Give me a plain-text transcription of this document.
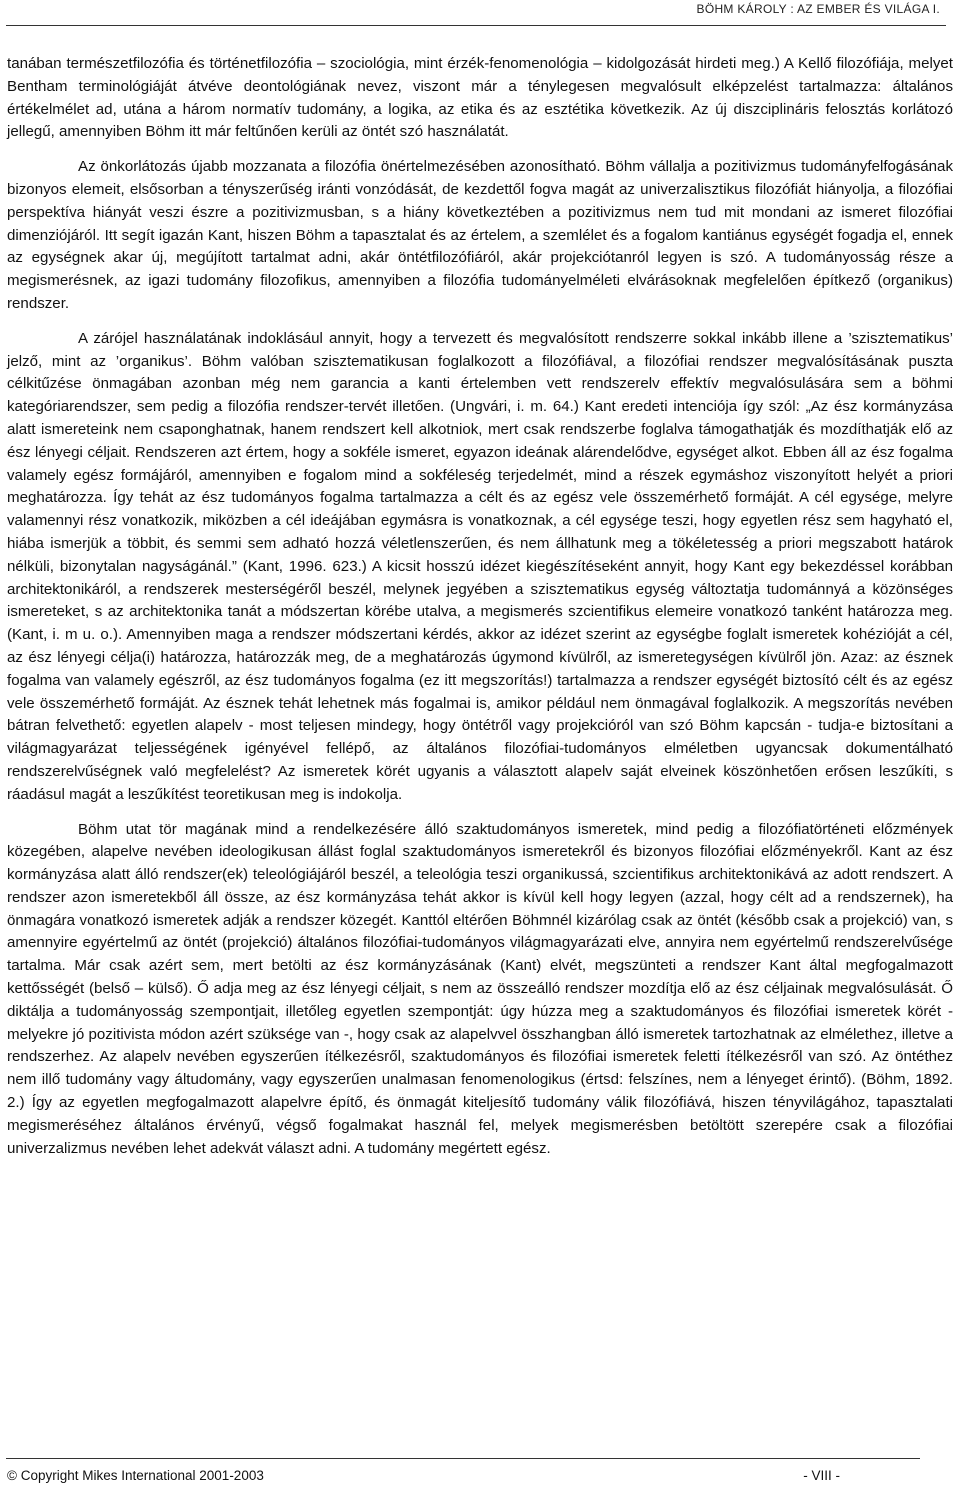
BÖHM KÁROLY : AZ EMBER ÉS VILÁGA I.

tanában természetfilozófia és történetfilozófia – szociológia, mint érzék-fenomenológia – kidolgozását hirdeti meg.) A Kellő filozófiája, melyet Bentham terminológiáját átvéve deontológiának nevez, viszont már a ténylegesen megvalósult elképzelést tartalmazza: általános értékelmélet ad, utána a három normatív tudomány, a logika, az etika és az esztétika következik. Az új diszciplináris felosztás korlátozó jellegű, amennyiben Böhm itt már feltűnően kerüli az öntét szó használatát.

Az önkorlátozás újabb mozzanata a filozófia önértelmezésében azonosítható. Böhm vállalja a pozitivizmus tudományfelfogásának bizonyos elemeit, elsősorban a tényszerűség iránti vonzódását, de kezdettől fogva magát az univerzalisztikus filozófiát hiányolja, a filozófiai perspektíva hiányát veszi észre a pozitivizmusban, s a hiány következtében a pozitivizmus nem tud mit mondani az ismeret filozófiai dimenziójáról. Itt segít igazán Kant, hiszen Böhm a tapasztalat és az értelem, a szemlélet és a fogalom kantiánus egységét fogadja el, ennek az egységnek akar új, megújított tartalmat adni, akár öntétfilozófiáról, akár projekciótanról legyen is szó. A tudományosság része a megismerésnek, az igazi tudomány filozofikus, amennyiben a filozófia tudományelméleti elvárásoknak megfelelően építkező (organikus) rendszer.

A zárójel használatának indoklásául annyit, hogy a tervezett és megvalósított rendszerre sokkal inkább illene a ’szisztematikus’ jelző, mint az ’organikus’. Böhm valóban szisztematikusan foglalkozott a filozófiával, a filozófiai rendszer megvalósításának puszta célkitűzése önmagában azonban még nem garancia a kanti értelemben vett rendszerelv effektív megvalósulására sem a böhmi kategóriarendszer, sem pedig a filozófia rendszer-tervét illetően. (Ungvári, i. m. 64.) Kant eredeti intenciója így szól: „Az ész kormányzása alatt ismereteink nem csaponghatnak, hanem rendszert kell alkotniok, mert csak rendszerbe foglalva támogathatják és mozdíthatják elő az ész lényegi céljait. Rendszeren azt értem, hogy a sokféle ismeret, egyazon ideának alárendelődve, egységet alkot. Ebben áll az ész fogalma valamely egész formájáról, amennyiben e fogalom mind a sokféleség terjedelmét, mind a részek egymáshoz viszonyított helyét a priori meghatározza. Így tehát az ész tudományos fogalma tartalmazza a célt és az egész vele összemérhető formáját. A cél egysége, melyre valamennyi rész vonatkozik, miközben a cél ideájában egymásra is vonatkoznak, a cél egysége teszi, hogy egyetlen rész sem hagyható el, hiába ismerjük a többit, és semmi sem adható hozzá véletlenszerűen, és nem állhatunk meg a tökéletesség a priori megszabott határok nélküli, bizonytalan nagyságánál.” (Kant, 1996. 623.) A kicsit hosszú idézet kiegészítéseként annyit, hogy Kant egy bekezdéssel korábban architektonikáról, a rendszerek mesterségéről beszél, melynek jegyében a szisztematikus egység változtatja tudománnyá a közönséges ismereteket, s az architektonika tanát a módszertan körébe utalva, a megismerés szcientifikus elemeire vonatkozó tanként határozza meg. (Kant, i. m u. o.). Amennyiben maga a rendszer módszertani kérdés, akkor az idézet szerint az egységbe foglalt ismeretek kohézióját a cél, az ész lényegi célja(i) határozza, határozzák meg, de a meghatározás úgymond kívülről, az ismeretegységen kívülről jön. Azaz: az észnek fogalma van valamely egészről, az ész tudományos fogalma (ez itt megszorítás!) tartalmazza a rendszer egységét biztosító célt és az egész vele összemérhető formáját. Az észnek tehát lehetnek más fogalmai is, amikor például nem önmagával foglalkozik. A megszorítás nevében bátran felvethető: egyetlen alapelv - most teljesen mindegy, hogy öntétről vagy projekcióról van szó Böhm kapcsán - tudja-e biztosítani a világmagyarázat teljességének igényével fellépő, az általános filozófiai-tudományos elméletben ugyancsak dokumentálható rendszerelvűségnek való megfelelést? Az ismeretek körét ugyanis a választott alapelv saját elveinek köszönhetően erősen leszűkíti, s ráadásul magát a leszűkítést teoretikusan meg is indokolja.

Böhm utat tör magának mind a rendelkezésére álló szaktudományos ismeretek, mind pedig a filozófiatörténeti előzmények közegében, alapelve nevében ideologikusan állást foglal szaktudományos ismeretekről és bizonyos filozófiai előzményekről. Kant az ész kormányzása alatt álló rendszer(ek) teleológiájáról beszél, a teleológia teszi organikussá, szcientifikus architektonikává az adott rendszert. A rendszer azon ismeretekből áll össze, az ész kormányzása tehát akkor is kívül kell hogy legyen (azzal, hogy célt ad a rendszernek), ha önmagára vonatkozó ismeretek adják a rendszer közegét. Kanttól eltérően Böhmnél kizárólag csak az öntét (később csak a projekció) van, s amennyire egyértelmű az öntét (projekció) általános filozófiai-tudományos világmagyarázati elve, annyira nem egyértelmű rendszerelvűsége tartalma. Már csak azért sem, mert betölti az ész kormányzásának (Kant) elvét, megszünteti a rendszer Kant által megfogalmazott kettősségét (belső – külső). Ő adja meg az ész lényegi céljait, s nem az összeálló rendszer mozdítja elő az ész céljainak megvalósulását. Ő diktálja a tudományosság szempontjait, illetőleg egyetlen szempontját: úgy húzza meg a szaktudományos és filozófiai ismeretek körét - melyekre jó pozitivista módon azért szüksége van -, hogy csak az alapelvvel összhangban álló ismeretek tartozhatnak az elmélethez, illetve a rendszerhez. Az alapelv nevében egyszerűen ítélkezésről, szaktudományos és filozófiai ismeretek feletti ítélkezésről van szó. Az öntéthez nem illő tudomány vagy áltudomány, vagy egyszerűen unalmasan fenomenologikus (értsd: felszínes, nem a lényeget érintő). (Böhm, 1892. 2.) Így az egyetlen megfogalmazott alapelvre építő, és önmagát kiteljesítő tudomány válik filozófiává, hiszen tényvilágához, tapasztalati megismeréséhez általános érvényű, végső fogalmakat használ fel, melyek megismerésben betöltött szerepére csak a filozófiai univerzalizmus nevében lehet adekvát választ adni. A tudomány megértett egész.

© Copyright Mikes International 2001-2003	- VIII -
